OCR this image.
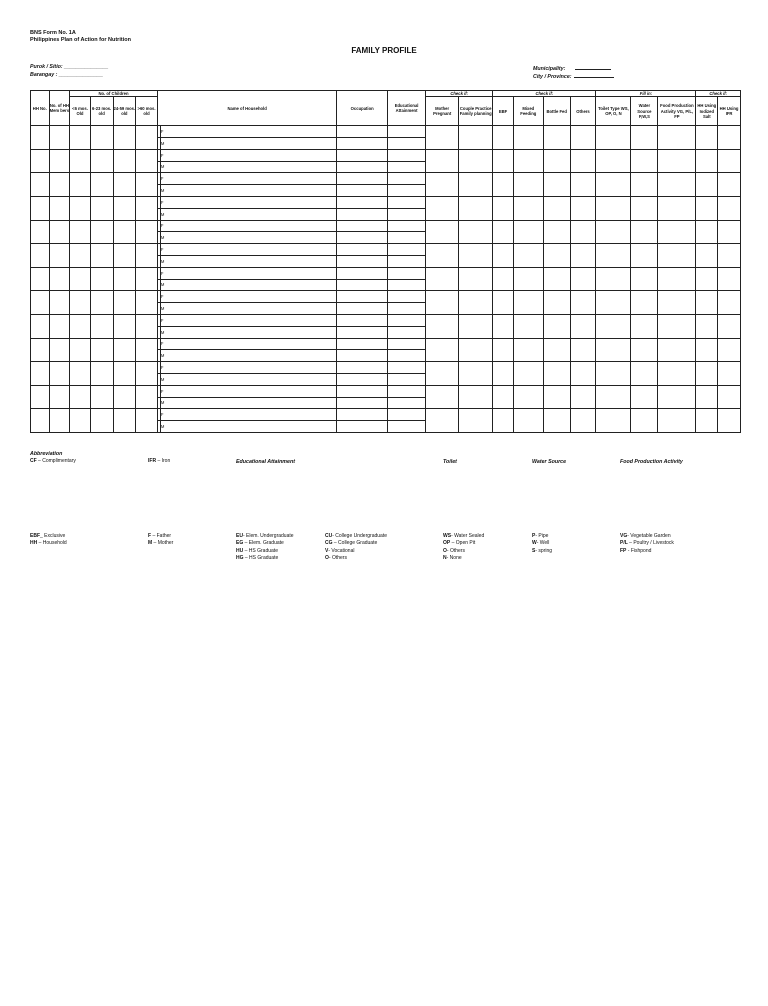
BNS Form No. 1A
Philippines Plan of Action for Nutrition
FAMILY PROFILE
Purok / Sitio: _______________
Barangay : _______________
Municipality:
City / Province:
HH No.	No. of HH Mem bers	No. of Children				Name of Household		Occupation	Educational Attainment	Check if:		Check if:				Fill in:			Check if:	
		<6 mos. Old	6-23 mos. old	24-59 mos. old	>60 mos. old					Mother Pregnant	Couple Practice Family planning	EBF	Mixed Feeding	Bottle Fed	Others	Toilet Type WS, OP, O, N	Water Source P,W,S	Food Production Activity VG, P/L, FP	HH Using Iodized Salt	HH Using IFR
						F														
						M														
						F														
						M														
						F														
						M														
						F														
						M														
						F														
						M														
						F														
						M														
						F														
						M														
						F														
						M														
						F														
						M														
						F														
						M														
						F														
						M														
						F														
						M														
						F														
						M														
Abbreviation
CF – Complimentary	IFR – Iron	Educational Attainment	Toilet	Water Source	Food Production Activity
EBF_ Exclusive
HH – Household
F – Father
M – Mother
EU- Elem. Undergraduate
EG – Elem. Graduate
HU – HS Graduate
HG – HS Graduate
CU- College Undergraduate
CG – College Graduate
V- Vocational
O- Others
WS- Water Sealed
OP – Open Pit
O- Others
N- None
P- Pipe
W- Well
S- spring
VG- Vegetable Garden
P/L – Poultry / Livestock
FP - Fishpond
